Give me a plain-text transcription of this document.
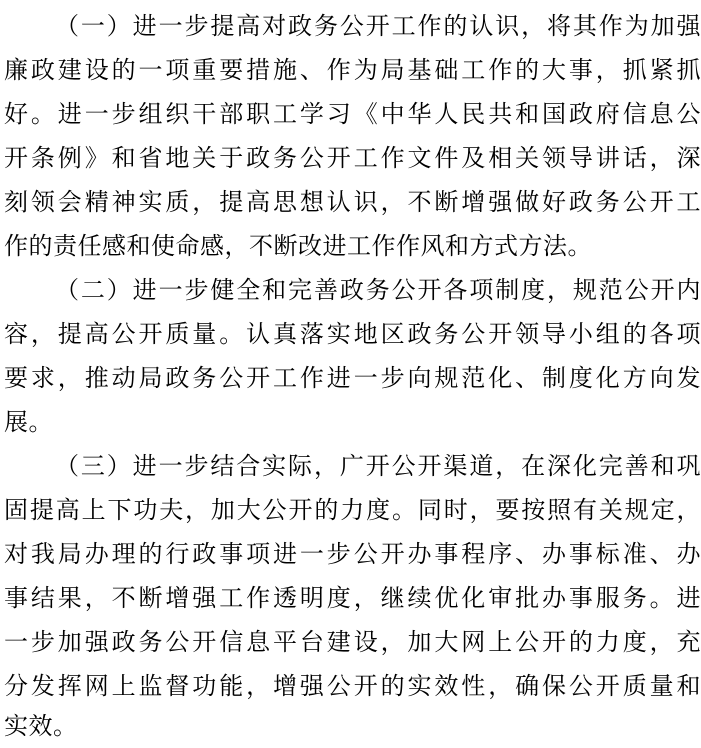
（一）进一步提高对政务公开工作的认识，将其作为加强
廉政建设的一项重要措施、作为局基础工作的大事，抓紧抓
好。进一步组织干部职工学习《中华人民共和国政府信息公
开条例》和省地关于政务公开工作文件及相关领导讲话，深
刻领会精神实质，提高思想认识，不断增强做好政务公开工
作的责任感和使命感，不断改进工作作风和方式方法。
（二）进一步健全和完善政务公开各项制度，规范公开内
容，提高公开质量。认真落实地区政务公开领导小组的各项
要求，推动局政务公开工作进一步向规范化、制度化方向发
展。
（三）进一步结合实际，广开公开渠道，在深化完善和巩
固提高上下功夫，加大公开的力度。同时，要按照有关规定，
对我局办理的行政事项进一步公开办事程序、办事标准、办
事结果，不断增强工作透明度，继续优化审批办事服务。进
一步加强政务公开信息平台建设，加大网上公开的力度，充
分发挥网上监督功能，增强公开的实效性，确保公开质量和
实效。
